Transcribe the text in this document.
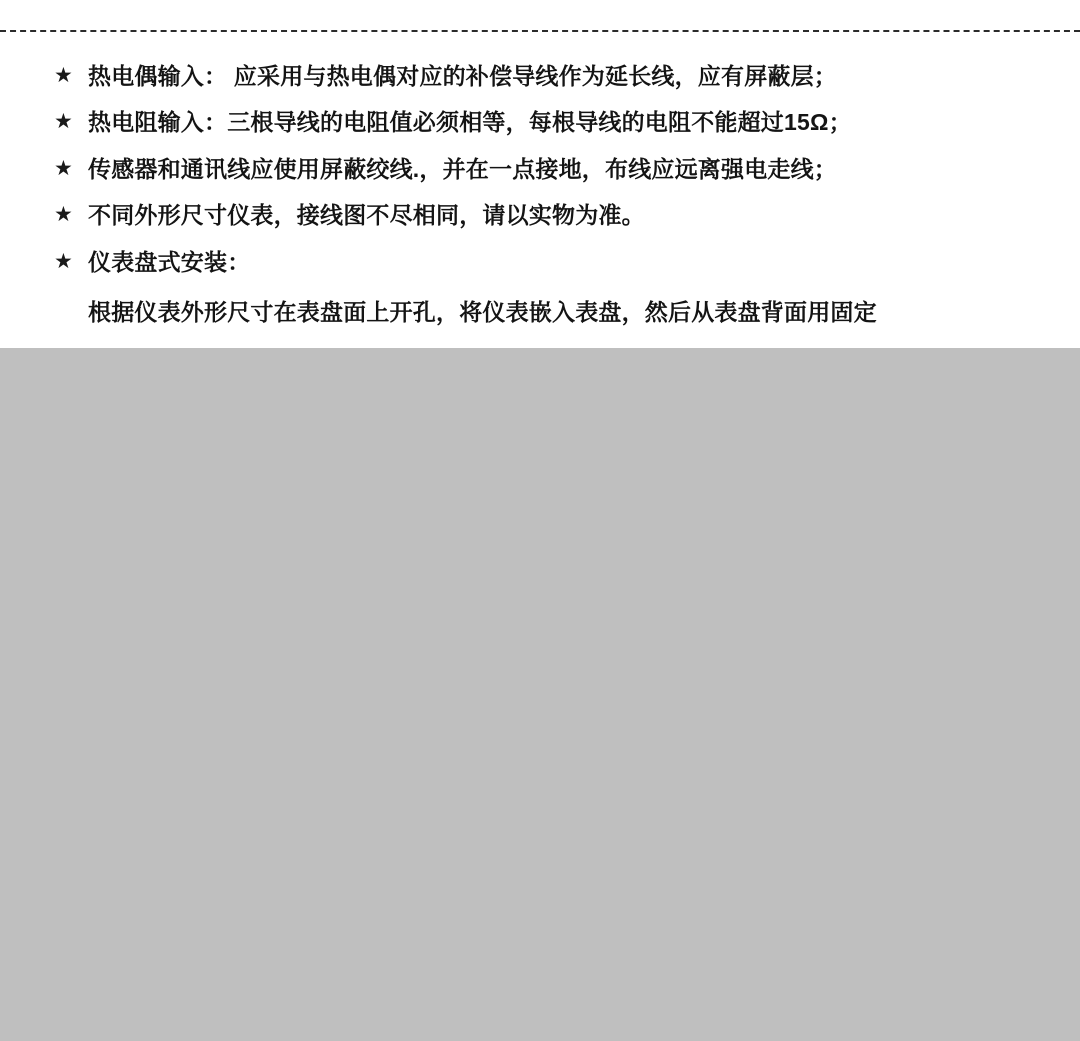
★ 热电偶输入： 应采用与热电偶对应的补偿导线作为延长线，应有屏蔽层；
★ 热电阻输入：三根导线的电阻值必须相等，每根导线的电阻不能超过15Ω；
★ 传感器和通讯线应使用屏蔽绞线.，并在一点接地，布线应远离强电走线；
★ 不同外形尺寸仪表，接线图不尽相同，请以实物为准。
★ 仪表盘式安装：
根据仪表外形尺寸在表盘面上开孔，将仪表嵌入表盘，然后从表盘背面用固定
